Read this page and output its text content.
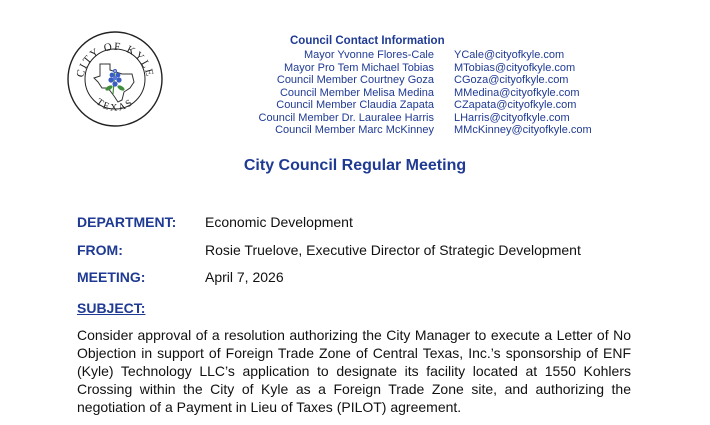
CITY OF KYLE
TEXAS
Council Contact Information
Mayor Yvonne Flores-Cale YCale@cityofkyle.com
Mayor Pro Tem Michael Tobias MTobias@cityofkyle.com
Council Member Courtney Goza CGoza@cityofkyle.com
Council Member Melisa Medina MMedina@cityofkyle.com
Council Member Claudia Zapata CZapata@cityofkyle.com
Council Member Dr. Lauralee Harris LHarris@cityofkyle.com
Council Member Marc McKinney MMcKinney@cityofkyle.com
City Council Regular Meeting
DEPARTMENT: Economic Development
FROM:	Rosie Truelove, Executive Director of Strategic Development
MEETING:	April 7, 2026
SUBJECT:
Consider approval of a resolution authorizing the City Manager to execute a Letter of No Objection in support of Foreign Trade Zone of Central Texas, Inc.’s sponsorship of ENF (Kyle) Technology LLC’s application to designate its facility located at 1550 Kohlers Crossing within the City of Kyle as a Foreign Trade Zone site, and authorizing the negotiation of a Payment in Lieu of Taxes (PILOT) agreement.
